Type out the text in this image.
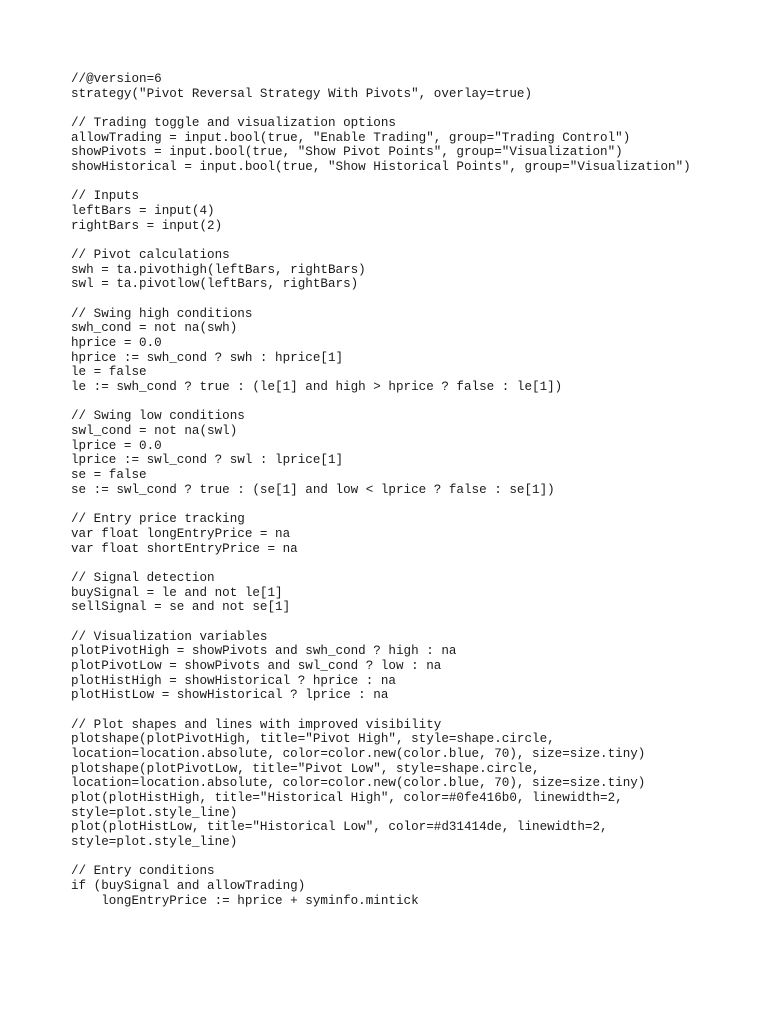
//@version=6
strategy("Pivot Reversal Strategy With Pivots", overlay=true)
// Trading toggle and visualization options
allowTrading = input.bool(true, "Enable Trading", group="Trading Control")
showPivots = input.bool(true, "Show Pivot Points", group="Visualization")
showHistorical = input.bool(true, "Show Historical Points", group="Visualization")
// Inputs
leftBars = input(4)
rightBars = input(2)
// Pivot calculations
swh = ta.pivothigh(leftBars, rightBars)
swl = ta.pivotlow(leftBars, rightBars)
// Swing high conditions
swh_cond = not na(swh)
hprice = 0.0
hprice := swh_cond ? swh : hprice[1]
le = false
le := swh_cond ? true : (le[1] and high > hprice ? false : le[1])
// Swing low conditions
swl_cond = not na(swl)
lprice = 0.0
lprice := swl_cond ? swl : lprice[1]
se = false
se := swl_cond ? true : (se[1] and low < lprice ? false : se[1])
// Entry price tracking
var float longEntryPrice = na
var float shortEntryPrice = na
// Signal detection
buySignal = le and not le[1]
sellSignal = se and not se[1]
// Visualization variables
plotPivotHigh = showPivots and swh_cond ? high : na
plotPivotLow = showPivots and swl_cond ? low : na
plotHistHigh = showHistorical ? hprice : na
plotHistLow = showHistorical ? lprice : na
// Plot shapes and lines with improved visibility
plotshape(plotPivotHigh, title="Pivot High", style=shape.circle,
location=location.absolute, color=color.new(color.blue, 70), size=size.tiny)
plotshape(plotPivotLow, title="Pivot Low", style=shape.circle,
location=location.absolute, color=color.new(color.blue, 70), size=size.tiny)
plot(plotHistHigh, title="Historical High", color=#0fe416b0, linewidth=2,
style=plot.style_line)
plot(plotHistLow, title="Historical Low", color=#d31414de, linewidth=2,
style=plot.style_line)
// Entry conditions
if (buySignal and allowTrading)
longEntryPrice := hprice + syminfo.mintick
